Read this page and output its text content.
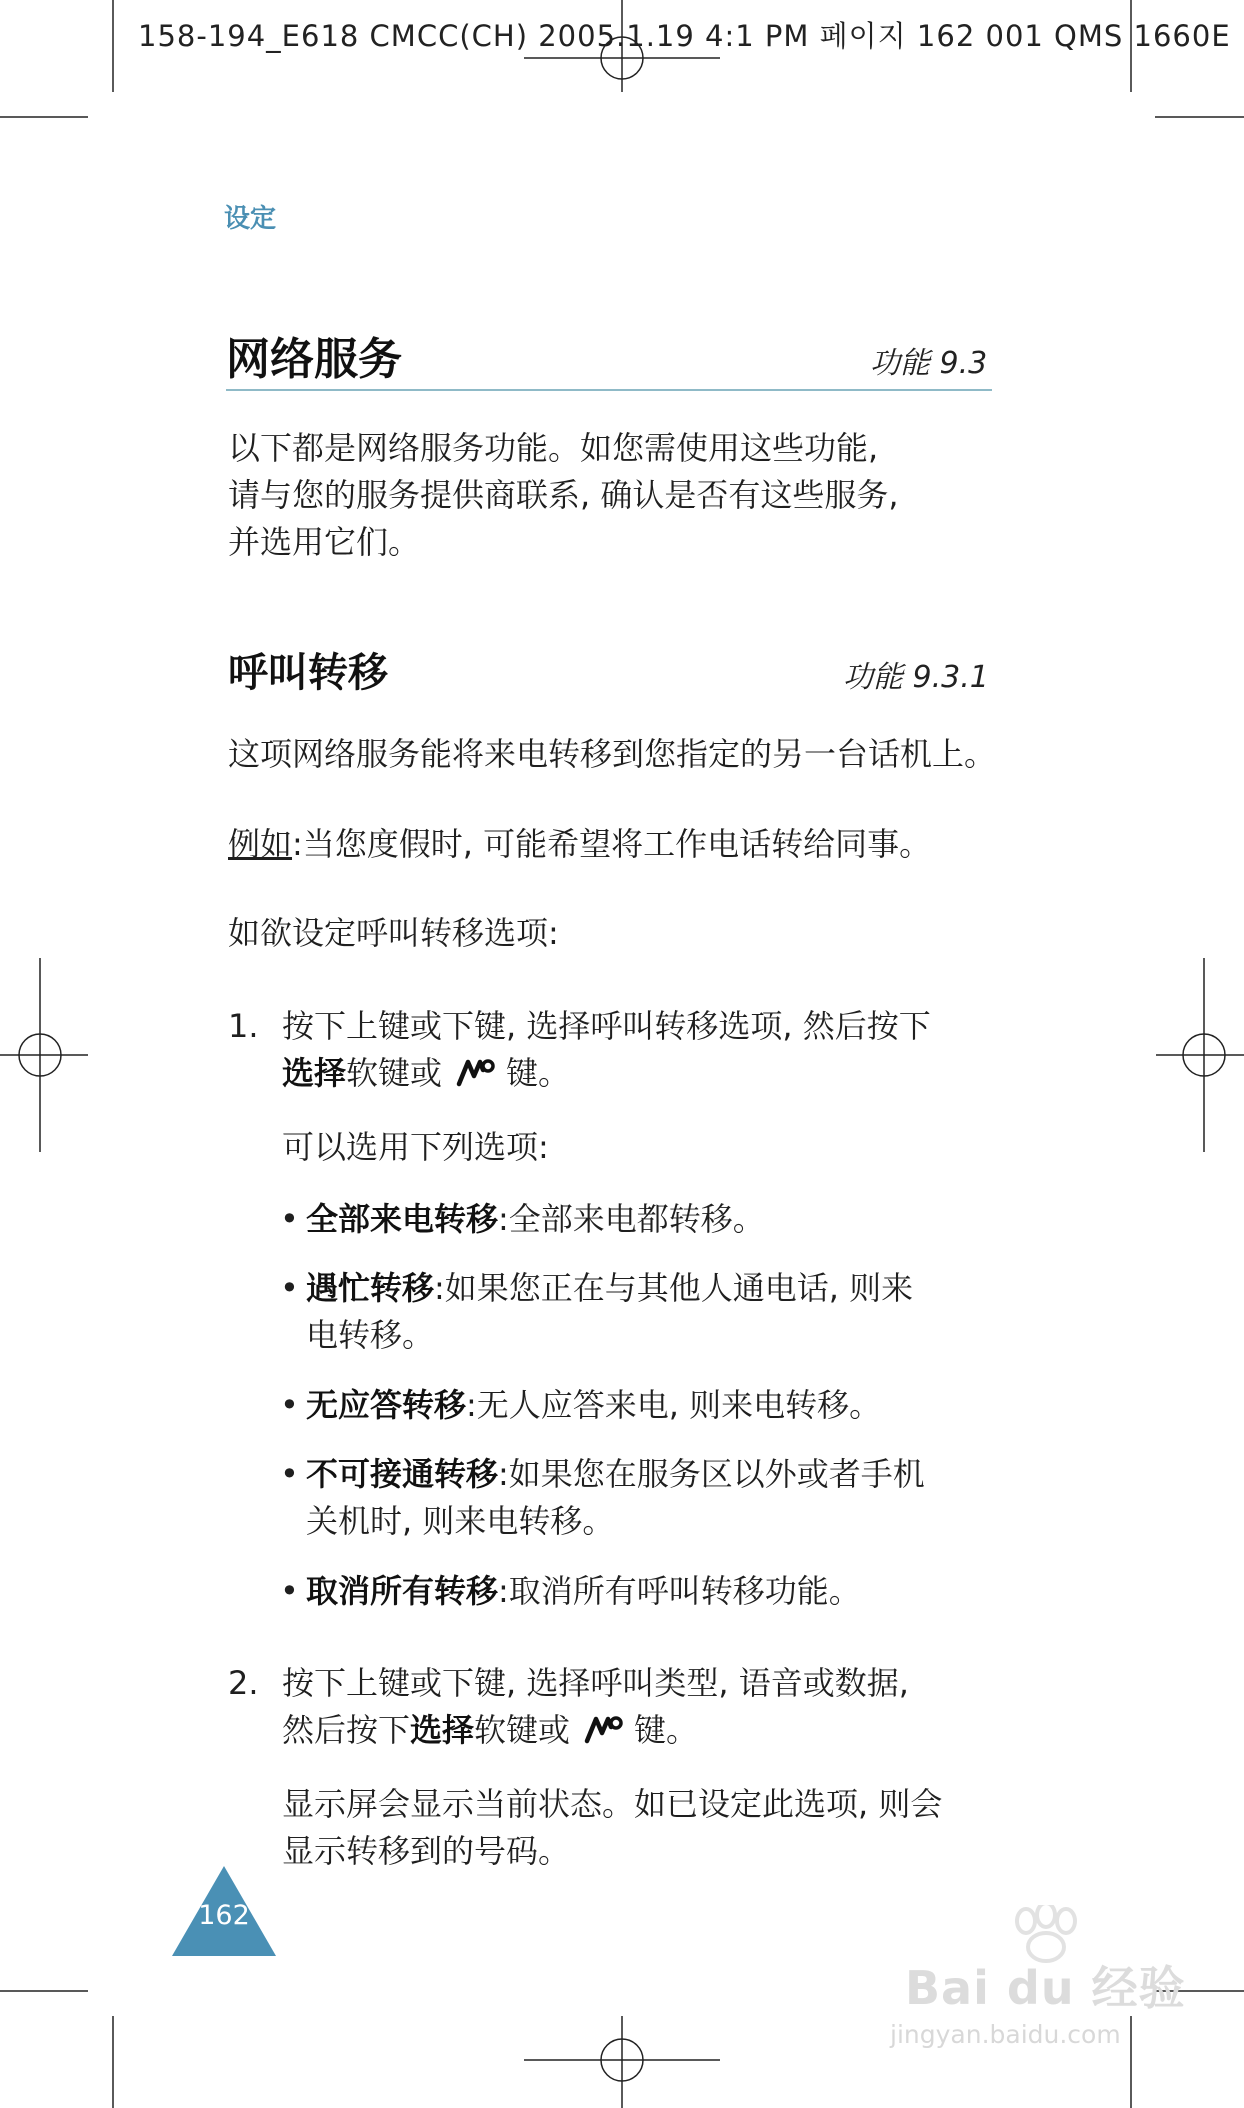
158-194_E618 CMCC(CH) 2005.1.19 4:1 PM 페이지 162 001 QMS 1660E
设定
网络服务	功能 9.3
以下都是网络服务功能。如您需使用这些功能,
请与您的服务提供商联系, 确认是否有这些服务,
并选用它们。
呼叫转移	功能 9.3.1
这项网络服务能将来电转移到您指定的另一台话机上。
例如:当您度假时, 可能希望将工作电话转给同事。
如欲设定呼叫转移选项:
1. 按下上键或下键, 选择呼叫转移选项, 然后按下
选择软键或 键。
可以选用下列选项:
• 全部来电转移:全部来电都转移。
• 遇忙转移:如果您正在与其他人通电话, 则来
电转移。
• 无应答转移:无人应答来电, 则来电转移。
• 不可接通转移:如果您在服务区以外或者手机
关机时, 则来电转移。
• 取消所有转移:取消所有呼叫转移功能。
2. 按下上键或下键, 选择呼叫类型, 语音或数据,
然后按下选择软键或 键。
显示屏会显示当前状态。如已设定此选项, 则会
显示转移到的号码。
162
Bai du 经验
jingyan.baidu.com
